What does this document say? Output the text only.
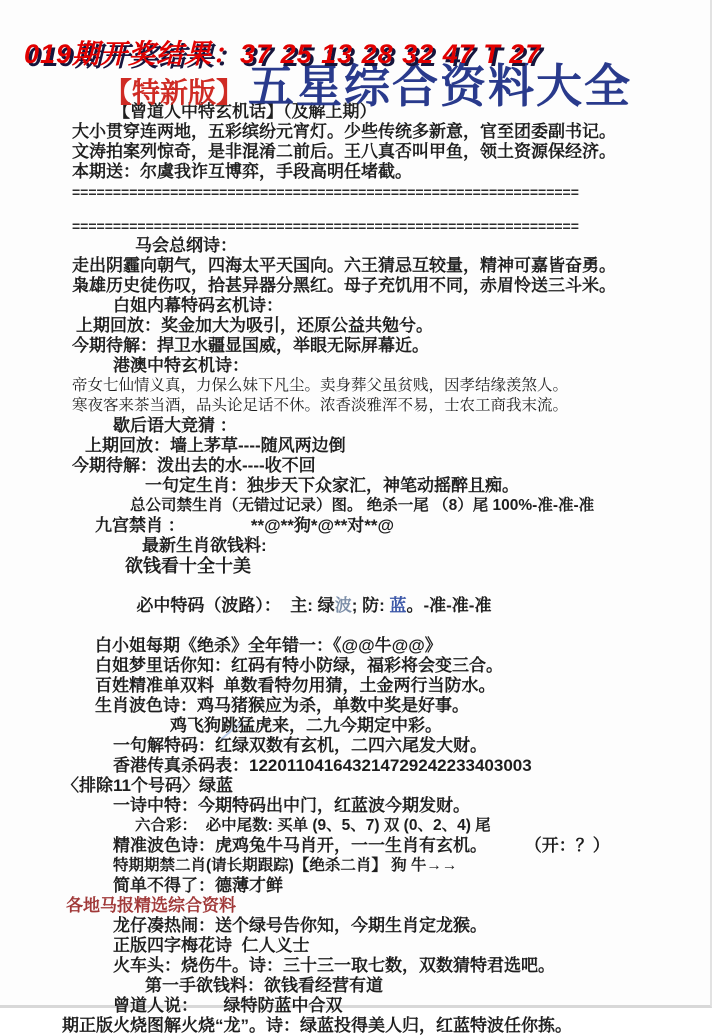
019期开奖结果：37 25 13 28 32 47 T 27
【特新版】 五星综合资料大全
【曾道人中特玄机话】（及解上期）
大小贯穿连两地，五彩缤纷元宵灯。少些传统多新意，官至团委副书记。
文涛拍案列惊奇，是非混淆二前后。王八真否叫甲鱼，领土资源保经济。
本期送：尔虞我诈互博弈，手段高明任堵截。
==============================================================
==============================================================
马会总纲诗：
走出阴霾向朝气，四海太平天国向。六王猜忌互较量，精神可嘉皆奋勇。
枭雄历史徒伤叹，拾甚异器分黑红。母子充饥用不同，赤眉怜送三斗米。
白姐内幕特码玄机诗：
上期回放：奖金加大为吸引，还原公益共勉兮。
今期待解：捍卫水疆显国威，举眼无际屏幕近。
港澳中特玄机诗：
帝女七仙情义真，力保么妹下凡尘。卖身葬父虽贫贱，因孝结缘羡煞人。
寒夜客来茶当酒，品头论足话不休。浓香淡雅浑不易，士农工商我末流。
歇后语大竞猜 ：
上期回放：墙上茅草----随风两边倒
今期待解：泼出去的水----收不回
一句定生肖：独步天下众家汇，神笔动摇醉且痴。
总公司禁生肖（无错过记录）图。 绝杀一尾 （8）尾 100%-准-准-准
九宫禁肖 ：              **@**狗*@**对**@
最新生肖欲钱料:
欲钱看十全十美

必中特码（波路）：  主: 绿波; 防: 蓝。-准-准-准

白小姐每期《绝杀》全年错一：《@@牛@@》
白姐梦里话你知：红码有特小防绿，福彩将会变三合。
百姓精准单双料  单数看特勿用猜，土金两行当防水。
生肖波色诗：鸡马猪猴应为杀，单数中奖是好事。
鸡飞狗跳猛虎来，二九今期定中彩。
一句解特码：红绿双数有玄机，二四六尾发大财。
香港传真杀码表：122011041643214729242233403003
〈排除11个号码〉绿蓝
一诗中特：今期特码出中门，红蓝波今期发财。
六合彩：  必中尾数: 买单 (9、5、7) 双 (0、2、4) 尾
精准波色诗：虎鸡兔牛马肖开，一一生肖有玄机。        （开：？）
特期期禁二肖(请长期跟踪)【绝杀二肖】 狗 牛→→
简单不得了：德薄才鲜
各地马报精选综合资料
龙仔凑热闹：送个绿号告你知，今期生肖定龙猴。
正版四字梅花诗  仁人义士
火车头：烧伤牛。诗：三十三一取七数，双数猜特君选吧。
第一手欲钱料：欲钱看经营有道
曾道人说：　　绿特防蓝中合双
期正版火烧图解火烧“龙”。诗：绿蓝投得美人归，红蓝特波任你拣。
